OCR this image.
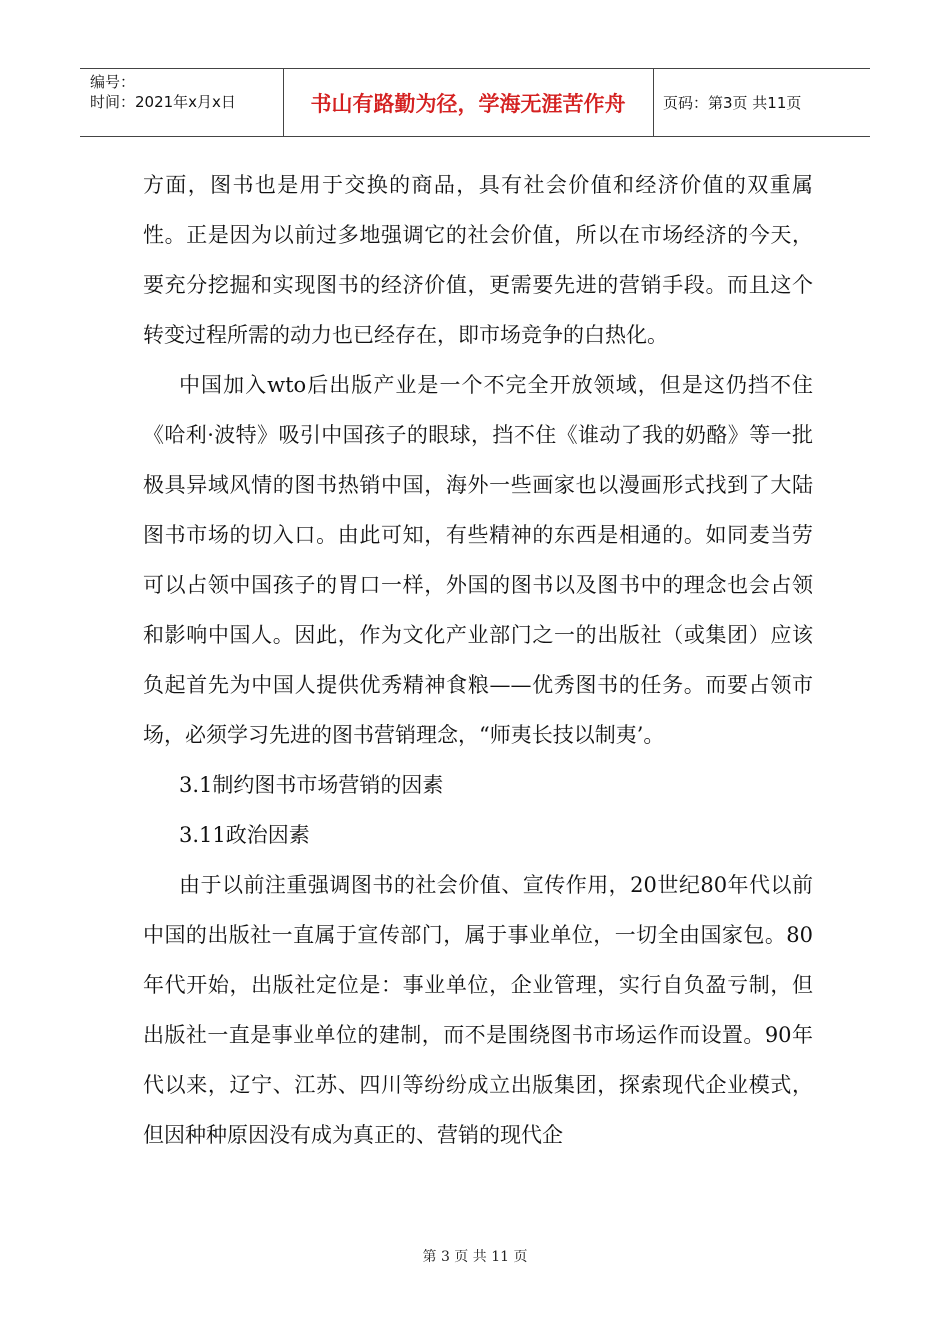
编号：
时间：2021年x月x日	书山有路勤为径，学海无涯苦作舟	页码：第3页 共11页

方面，图书也是用于交换的商品，具有社会价值和经济价值的双重属性。正是因为以前过多地强调它的社会价值，所以在市场经济的今天，要充分挖掘和实现图书的经济价值，更需要先进的营销手段。而且这个转变过程所需的动力也已经存在，即市场竞争的白热化。

中国加入wto后出版产业是一个不完全开放领域，但是这仍挡不住《哈利·波特》吸引中国孩子的眼球，挡不住《谁动了我的奶酪》等一批极具异域风情的图书热销中国，海外一些画家也以漫画形式找到了大陆图书市场的切入口。由此可知，有些精神的东西是相通的。如同麦当劳可以占领中国孩子的胃口一样，外国的图书以及图书中的理念也会占领和影响中国人。因此，作为文化产业部门之一的出版社（或集团）应该负起首先为中国人提供优秀精神食粮——优秀图书的任务。而要占领市场，必须学习先进的图书营销理念，“师夷长技以制夷’。

3.1制约图书市场营销的因素

3.11政治因素

由于以前注重强调图书的社会价值、宣传作用，20世纪80年代以前中国的出版社一直属于宣传部门，属于事业单位，一切全由国家包。80年代开始，出版社定位是：事业单位，企业管理，实行自负盈亏制，但出版社一直是事业单位的建制，而不是围绕图书市场运作而设置。90年代以来，辽宁、江苏、四川等纷纷成立出版集团，探索现代企业模式，但因种种原因没有成为真正的、营销的现代企

第 3 页 共 11 页
